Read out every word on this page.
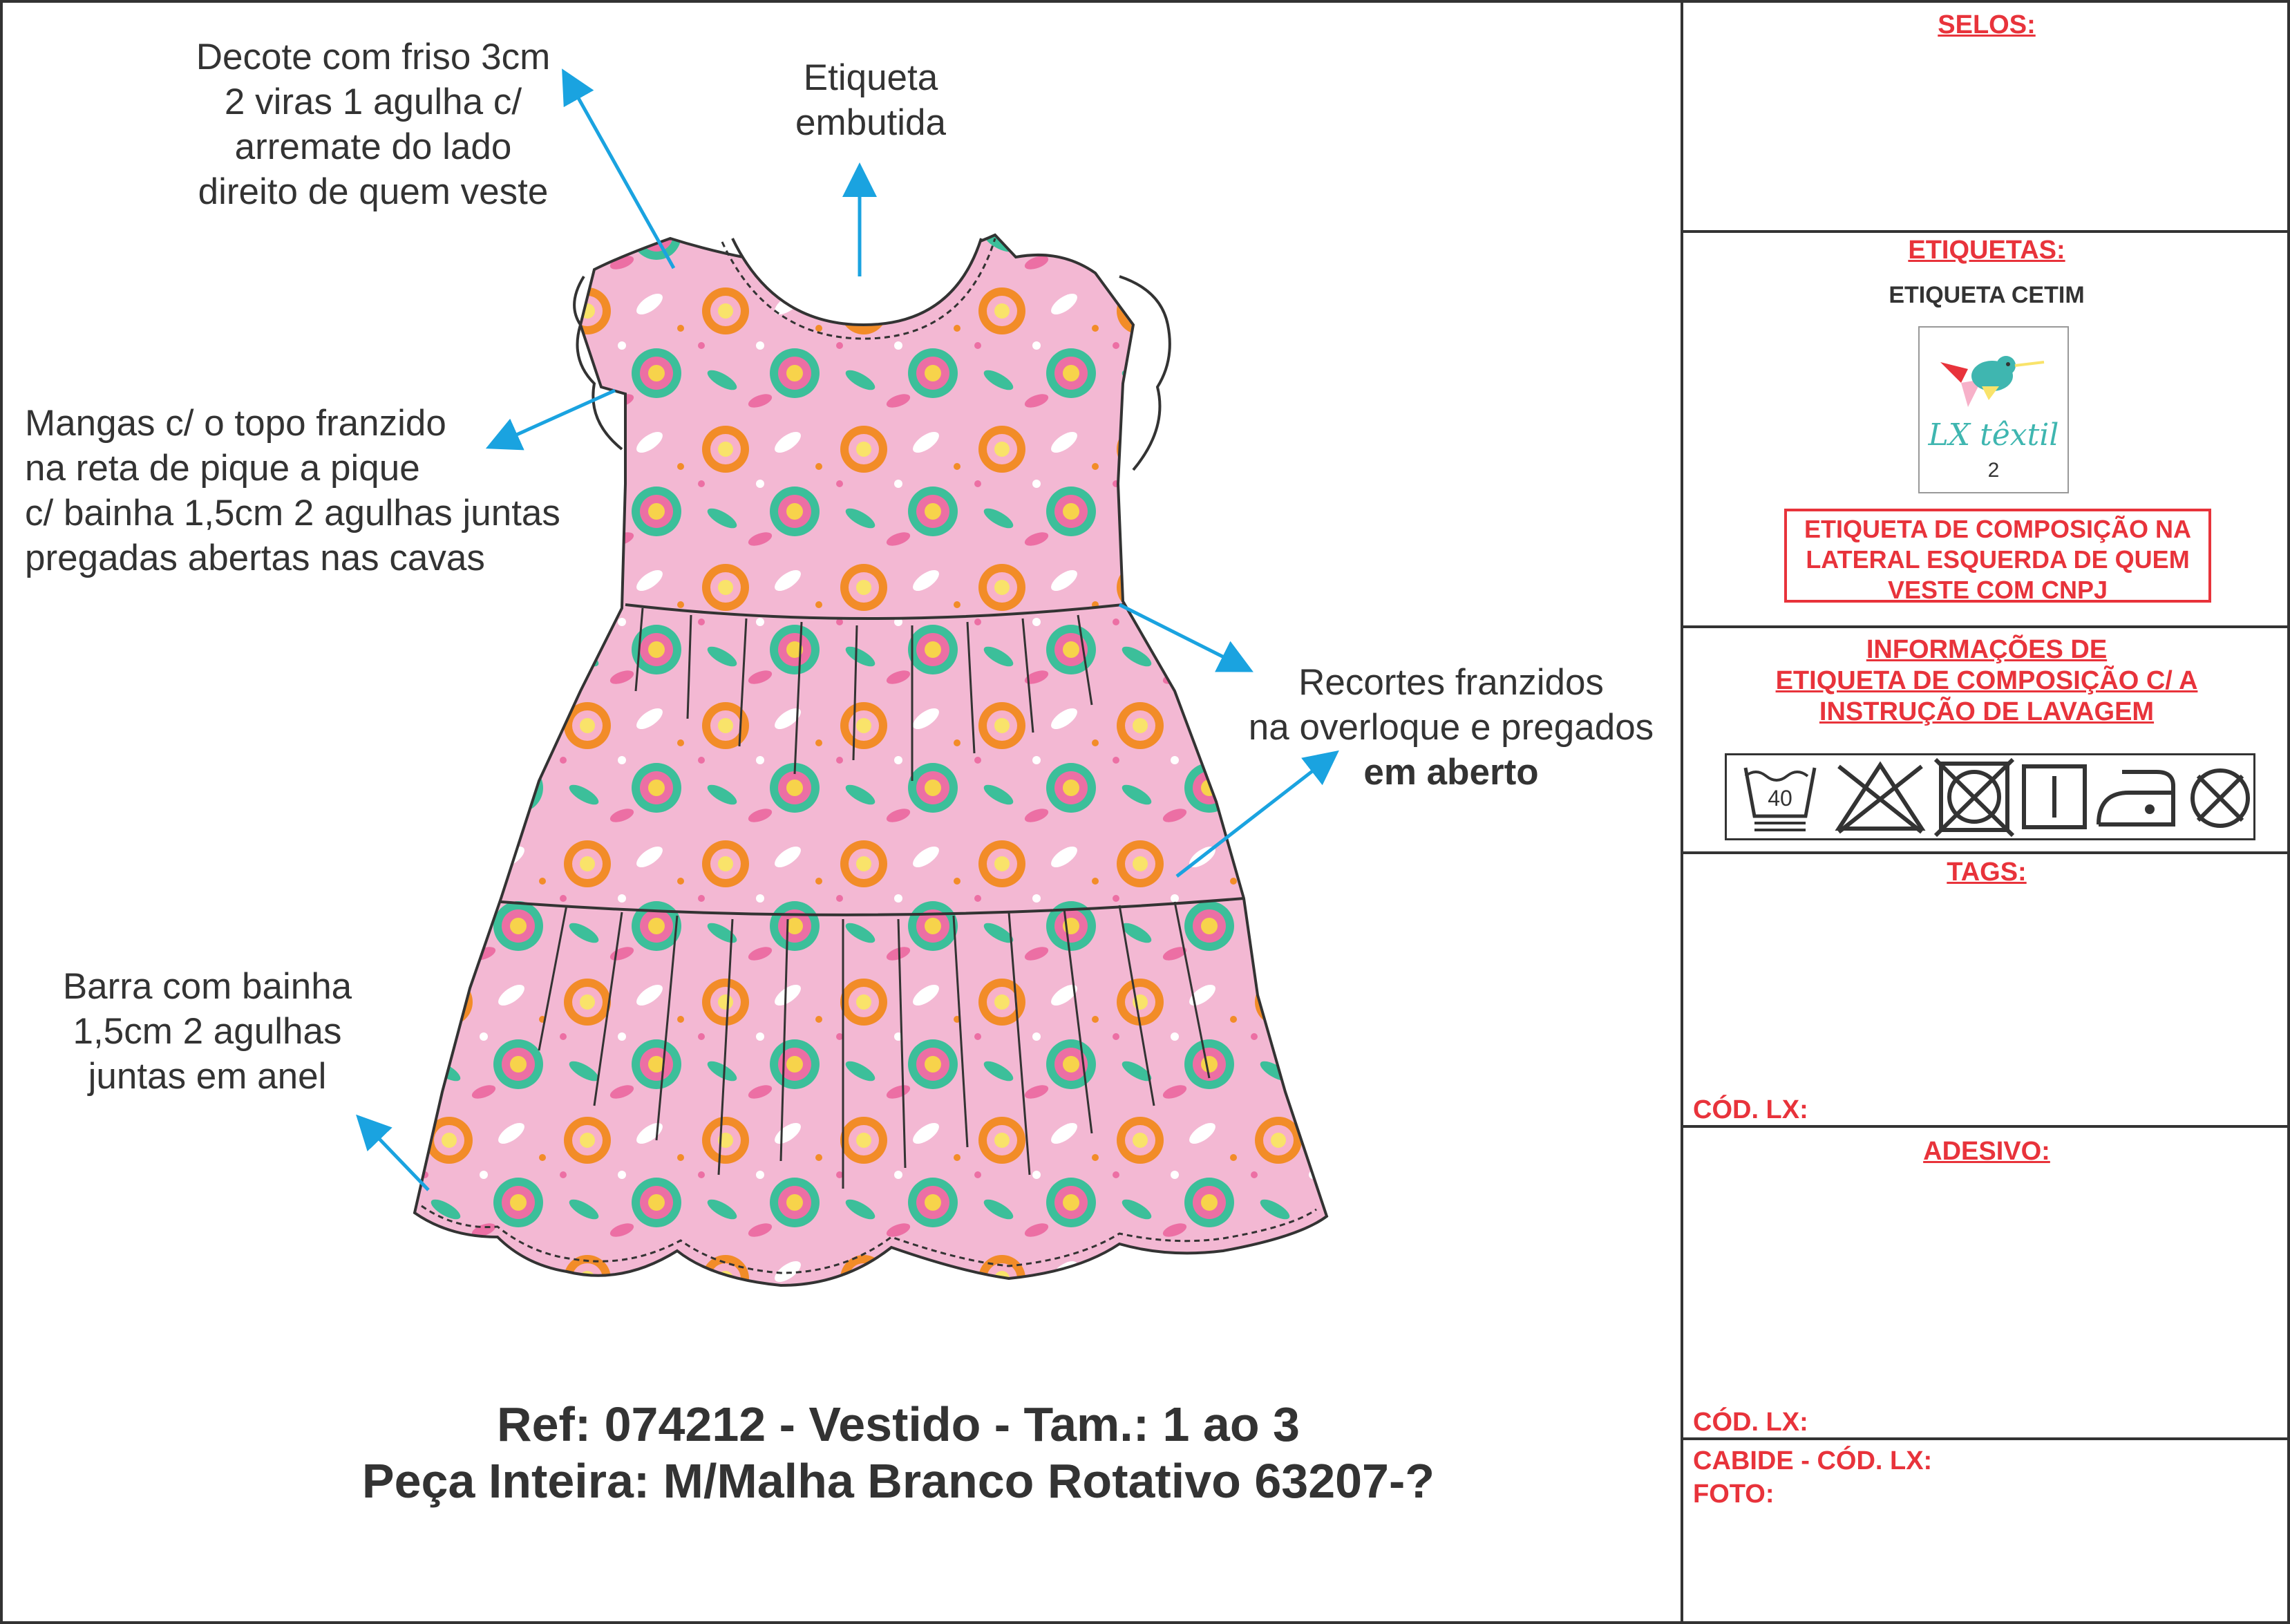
Decote com friso 3cm
2 viras 1 agulha c/
arremate do lado
direito de quem veste
Etiqueta
embutida
Mangas c/ o topo franzido
na reta de pique a pique
c/ bainha 1,5cm 2 agulhas juntas
pregadas abertas nas cavas
Recortes franzidos
na overloque e pregados
em aberto
Barra com bainha
1,5cm 2 agulhas
juntas em anel
Ref: 074212 - Vestido - Tam.: 1 ao 3
Peça Inteira: M/Malha Branco Rotativo 63207-?
SELOS:
ETIQUETAS:
ETIQUETA CETIM
LX têxtil
2
ETIQUETA DE COMPOSIÇÃO NA
LATERAL ESQUERDA DE QUEM
VESTE COM CNPJ
INFORMAÇÕES DE
ETIQUETA DE COMPOSIÇÃO C/ A
INSTRUÇÃO DE LAVAGEM
40
TAGS:
CÓD. LX:
ADESIVO:
CÓD. LX:
CABIDE - CÓD. LX:
FOTO:
